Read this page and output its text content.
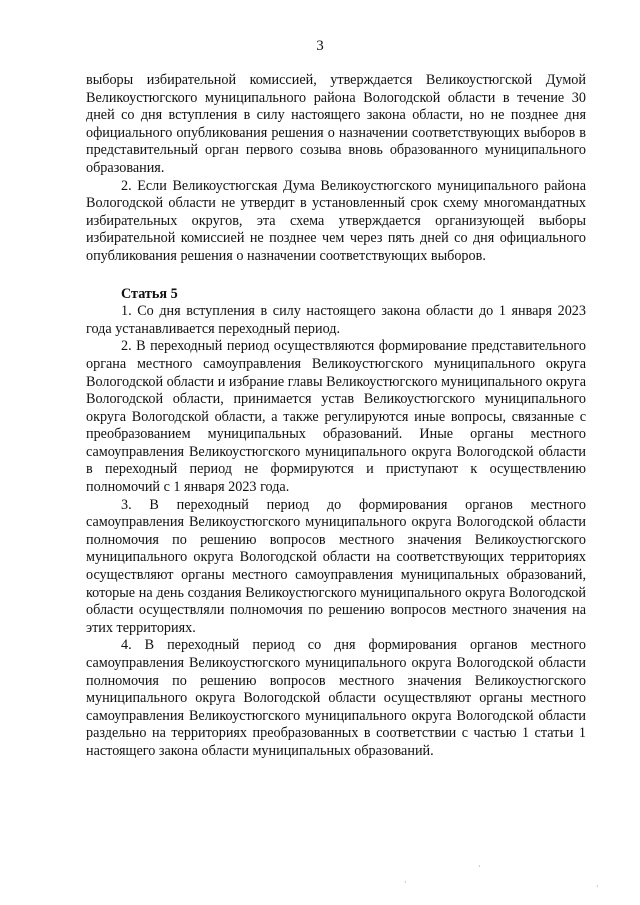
3

выборы избирательной комиссией, утверждается Великоустюгской Думой Великоустюгского муниципального района Вологодской области в течение 30 дней со дня вступления в силу настоящего закона области, но не позднее дня официального опубликования решения о назначении соответствующих выборов в представительный орган первого созыва вновь образованного муниципального образования.

2. Если Великоустюгская Дума Великоустюгского муниципального района Вологодской области не утвердит в установленный срок схему многомандатных избирательных округов, эта схема утверждается организующей выборы избирательной комиссией не позднее чем через пять дней со дня официального опубликования решения о назначении соответствующих выборов.

Статья 5

1. Со дня вступления в силу настоящего закона области до 1 января 2023 года устанавливается переходный период.

2. В переходный период осуществляются формирование представительного органа местного самоуправления Великоустюгского муниципального округа Вологодской области и избрание главы Великоустюгского муниципального округа Вологодской области, принимается устав Великоустюгского муниципального округа Вологодской области, а также регулируются иные вопросы, связанные с преобразованием муниципальных образований. Иные органы местного самоуправления Великоустюгского муниципального округа Вологодской области в переходный период не формируются и приступают к осуществлению полномочий с 1 января 2023 года.

3. В переходный период до формирования органов местного самоуправления Великоустюгского муниципального округа Вологодской области полномочия по решению вопросов местного значения Великоустюгского муниципального округа Вологодской области на соответствующих территориях осуществляют органы местного самоуправления муниципальных образований, которые на день создания Великоустюгского муниципального округа Вологодской области осуществляли полномочия по решению вопросов местного значения на этих территориях.

4. В переходный период со дня формирования органов местного самоуправления Великоустюгского муниципального округа Вологодской области полномочия по решению вопросов местного значения Великоустюгского муниципального округа Вологодской области осуществляют органы местного самоуправления Великоустюгского муниципального округа Вологодской области раздельно на территориях преобразованных в соответствии с частью 1 статьи 1 настоящего закона области муниципальных образований.

·
·	·
